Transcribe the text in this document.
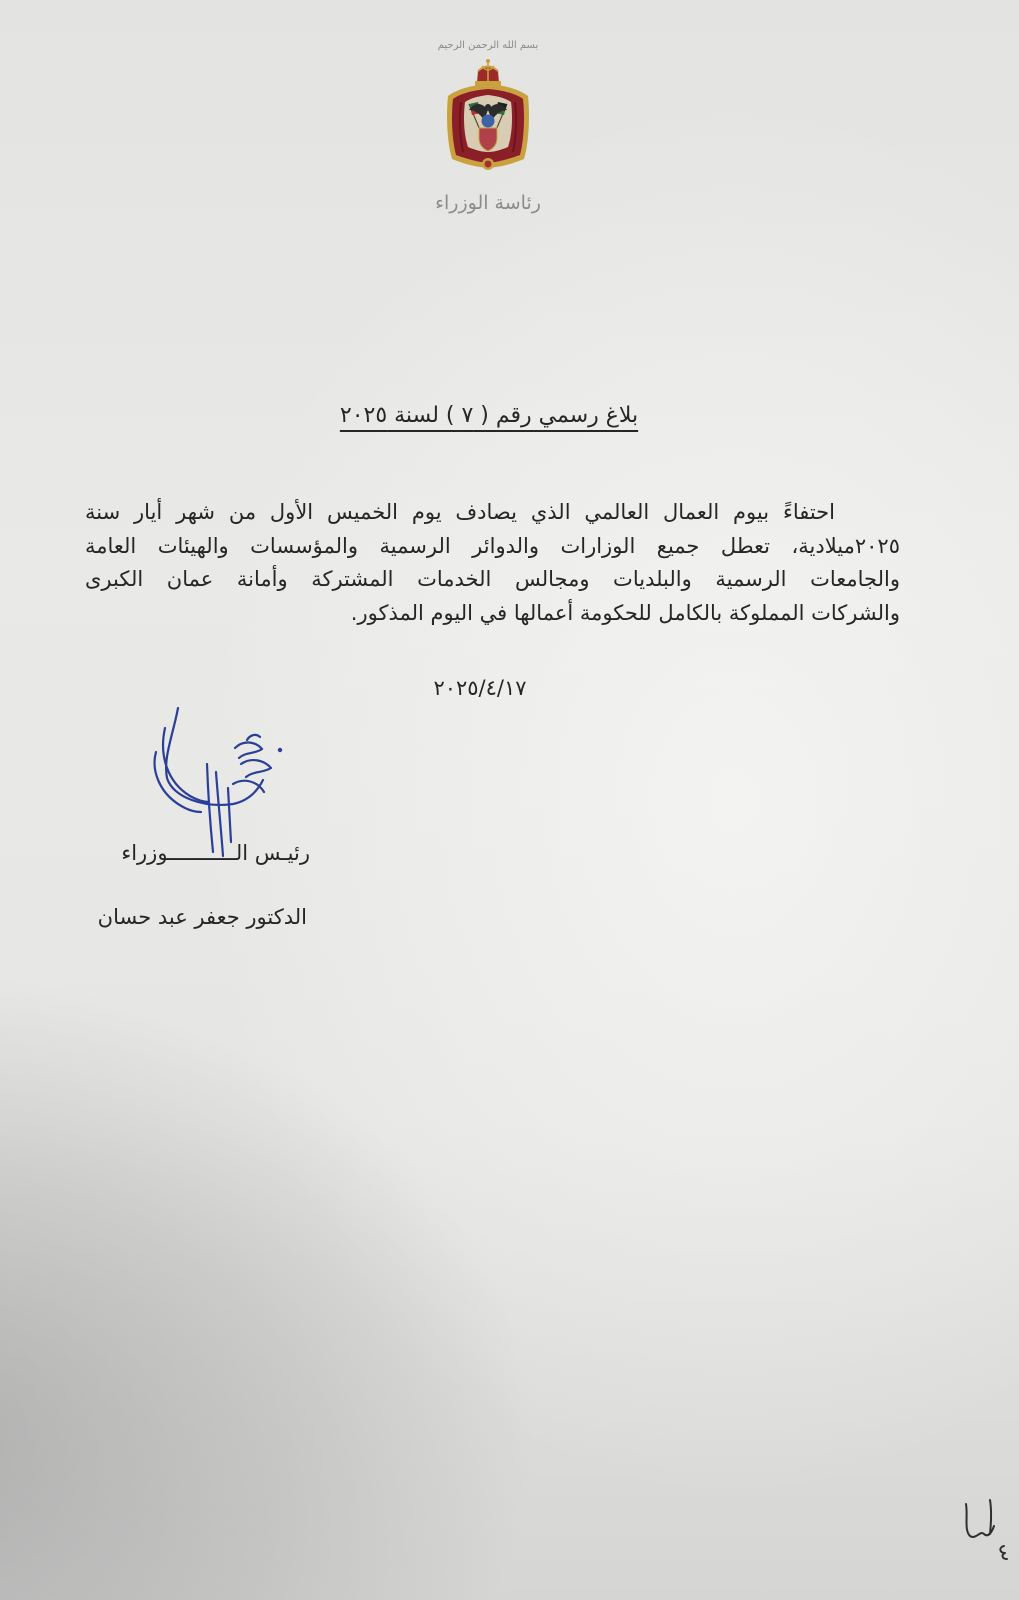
بسم الله الرحمن الرحيم
رئاسة الوزراء
بلاغ رسمي رقم ( ٧ ) لسنة ٢٠٢٥
احتفاءً بيوم العمال العالمي الذي يصادف يوم الخميس الأول من شهر أيار سنة
٢٠٢٥ميلادية، تعطل جميع الوزارات والدوائر الرسمية والمؤسسات والهيئات العامة
والجامعات الرسمية والبلديات ومجالس الخدمات المشتركة وأمانة عمان الكبرى
والشركات المملوكة بالكامل للحكومة أعمالها في اليوم المذكور.
٢٠٢٥/٤/١٧
رئيـس الـــــــــــوزراء
الدكتور جعفر عبد حسان
